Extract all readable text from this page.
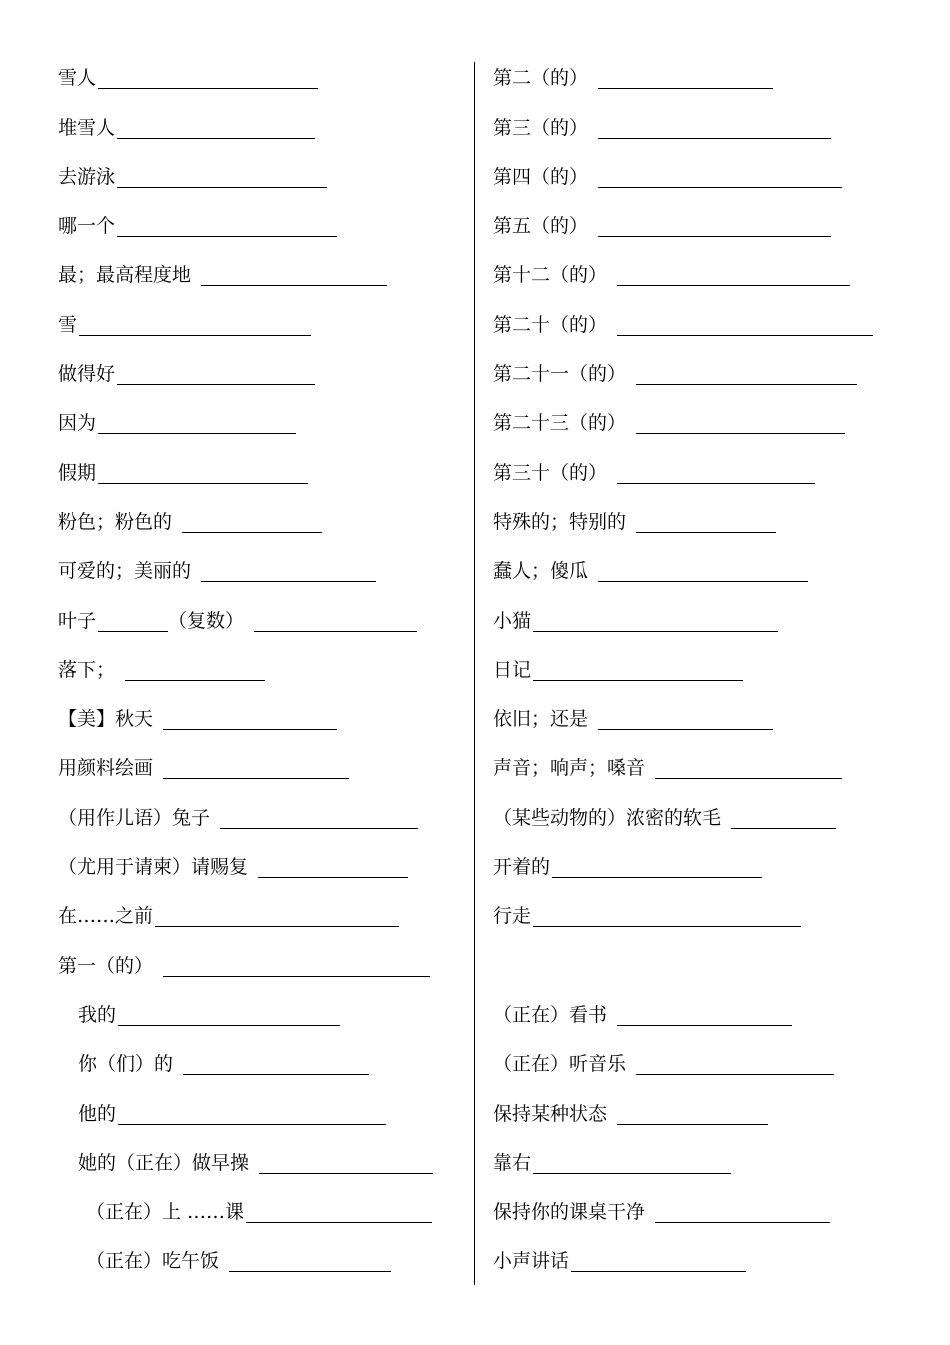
雪人
堆雪人
去游泳
哪一个
最；最高程度地
雪
做得好
因为
假期
粉色；粉色的
可爱的；美丽的
叶子	（复数）
落下；
【美】秋天
用颜料绘画
（用作儿语）兔子
（尤用于请柬）请赐复
在……之前
第一（的）
我的
你（们）的
他的
她的（正在）做早操
（正在）上 ……课
（正在）吃午饭
第二（的）
第三（的）
第四（的）
第五（的）
第十二（的）
第二十（的）
第二十一（的）
第二十三（的）
第三十（的）
特殊的；特别的
蠢人；傻瓜
小猫
日记
依旧；还是
声音；响声；嗓音
（某些动物的）浓密的软毛
开着的
行走
（正在）看书
（正在）听音乐
保持某种状态
靠右
保持你的课桌干净
小声讲话
